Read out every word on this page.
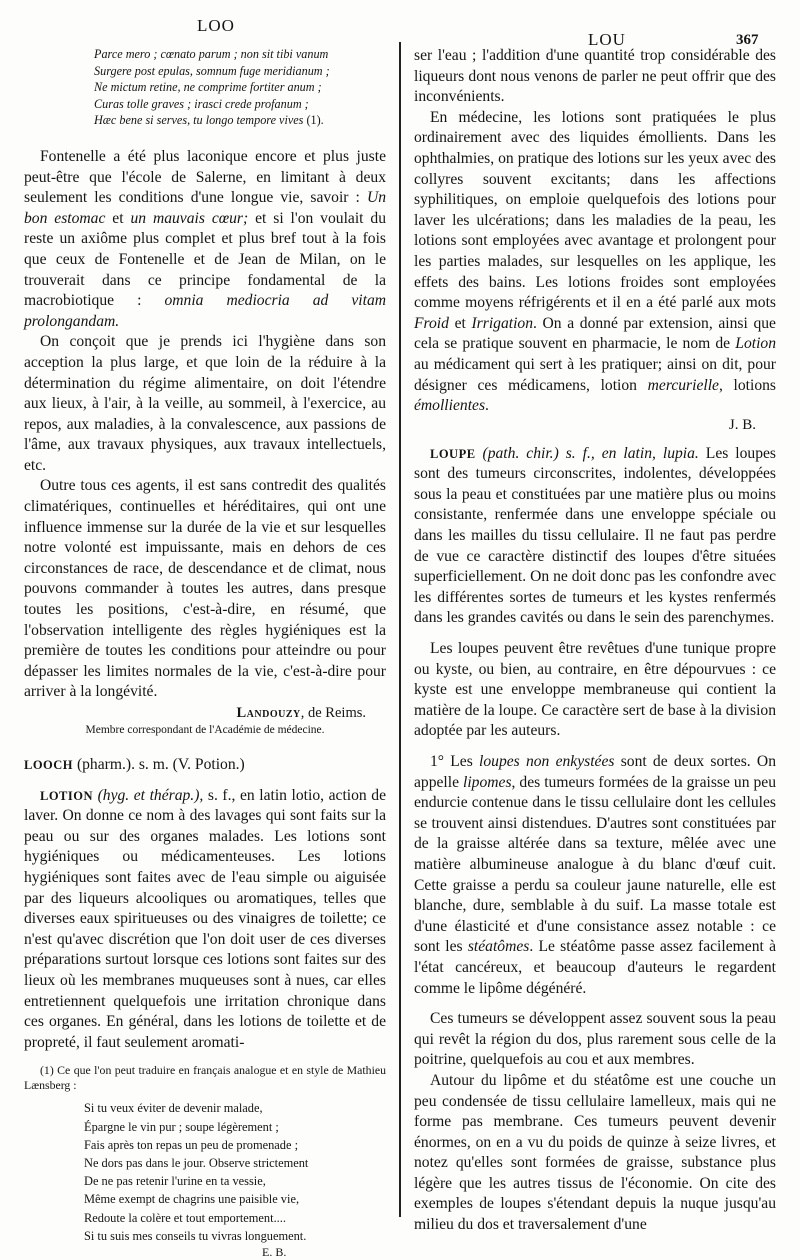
LOO
LOU	367
Parce mero ; cœnato parum ; non sit tibi vanum
Surgere post epulas, somnum fuge meridianum ;
Ne mictum retine, ne comprime fortiter anum ;
Curas tolle graves ; irasci crede profanum ;
Hæc bene si serves, tu longo tempore vives (1).

Fontenelle a été plus laconique encore et plus juste peut-être que l'école de Salerne, en limitant à deux seulement les conditions d'une longue vie, savoir : Un bon estomac et un mauvais cœur; et si l'on voulait du reste un axiôme plus complet et plus bref tout à la fois que ceux de Fontenelle et de Jean de Milan, on le trouverait dans ce principe fondamental de la macrobiotique : omnia mediocria ad vitam prolongandam.

On conçoit que je prends ici l'hygiène dans son acception la plus large, et que loin de la réduire à la détermination du régime alimentaire, on doit l'étendre aux lieux, à l'air, à la veille, au sommeil, à l'exercice, au repos, aux maladies, à la convalescence, aux passions de l'âme, aux travaux physiques, aux travaux intellectuels, etc.

Outre tous ces agents, il est sans contredit des qualités climatériques, continuelles et héréditaires, qui ont une influence immense sur la durée de la vie et sur lesquelles notre volonté est impuissante, mais en dehors de ces circonstances de race, de descendance et de climat, nous pouvons commander à toutes les autres, dans presque toutes les positions, c'est-à-dire, en résumé, que l'observation intelligente des règles hygiéniques est la première de toutes les conditions pour atteindre ou pour dépasser les limites normales de la vie, c'est-à-dire pour arriver à la longévité.

Landouzy, de Reims.
Membre correspondant de l'Académie de médecine.

LOOCH (pharm.). s. m. (V. Potion.)

LOTION (hyg. et thérap.), s. f., en latin lotio, action de laver. On donne ce nom à des lavages qui sont faits sur la peau ou sur des organes malades. Les lotions sont hygiéniques ou médicamenteuses. Les lotions hygiéniques sont faites avec de l'eau simple ou aiguisée par des liqueurs alcooliques ou aromatiques, telles que diverses eaux spiritueuses ou des vinaigres de toilette; ce n'est qu'avec discrétion que l'on doit user de ces diverses préparations surtout lorsque ces lotions sont faites sur des lieux où les membranes muqueuses sont à nues, car elles entretiennent quelquefois une irritation chronique dans ces organes. En général, dans les lotions de toilette et de propreté, il faut seulement aromati-

(1) Ce que l'on peut traduire en français analogue et en style de Mathieu Lænsberg :

Si tu veux éviter de devenir malade,
Épargne le vin pur ; soupe légèrement ;
Fais après ton repas un peu de promenade ;
Ne dors pas dans le jour. Observe strictement
De ne pas retenir l'urine en ta vessie,
Même exempt de chagrins une paisible vie,
Redoute la colère et tout emportement....
Si tu suis mes conseils tu vivras longuement.
E. B.

ser l'eau ; l'addition d'une quantité trop considérable des liqueurs dont nous venons de parler ne peut offrir que des inconvénients.

En médecine, les lotions sont pratiquées le plus ordinairement avec des liquides émollients. Dans les ophthalmies, on pratique des lotions sur les yeux avec des collyres souvent excitants; dans les affections syphilitiques, on emploie quelquefois des lotions pour laver les ulcérations; dans les maladies de la peau, les lotions sont employées avec avantage et prolongent pour les parties malades, sur lesquelles on les applique, les effets des bains. Les lotions froides sont employées comme moyens réfrigérents et il en a été parlé aux mots Froid et Irrigation. On a donné par extension, ainsi que cela se pratique souvent en pharmacie, le nom de Lotion au médicament qui sert à les pratiquer; ainsi on dit, pour désigner ces médicamens, lotion mercurielle, lotions émollientes.

J. B.

LOUPE (path. chir.) s. f., en latin, lupia. Les loupes sont des tumeurs circonscrites, indolentes, développées sous la peau et constituées par une matière plus ou moins consistante, renfermée dans une enveloppe spéciale ou dans les mailles du tissu cellulaire. Il ne faut pas perdre de vue ce caractère distinctif des loupes d'être situées superficiellement. On ne doit donc pas les confondre avec les différentes sortes de tumeurs et les kystes renfermés dans les grandes cavités ou dans le sein des parenchymes.

Les loupes peuvent être revêtues d'une tunique propre ou kyste, ou bien, au contraire, en être dépourvues : ce kyste est une enveloppe membraneuse qui contient la matière de la loupe. Ce caractère sert de base à la division adoptée par les auteurs.

1° Les loupes non enkystées sont de deux sortes. On appelle lipomes, des tumeurs formées de la graisse un peu endurcie contenue dans le tissu cellulaire dont les cellules se trouvent ainsi distendues. D'autres sont constituées par de la graisse altérée dans sa texture, mêlée avec une matière albumineuse analogue à du blanc d'œuf cuit. Cette graisse a perdu sa couleur jaune naturelle, elle est blanche, dure, semblable à du suif. La masse totale est d'une élasticité et d'une consistance assez notable : ce sont les stéatômes. Le stéatôme passe assez facilement à l'état cancéreux, et beaucoup d'auteurs le regardent comme le lipôme dégénéré.

Ces tumeurs se développent assez souvent sous la peau qui revêt la région du dos, plus rarement sous celle de la poitrine, quelquefois au cou et aux membres.

Autour du lipôme et du stéatôme est une couche un peu condensée de tissu cellulaire lamelleux, mais qui ne forme pas membrane. Ces tumeurs peuvent devenir énormes, on en a vu du poids de quinze à seize livres, et notez qu'elles sont formées de graisse, substance plus légère que les autres tissus de l'économie. On cite des exemples de loupes s'étendant depuis la nuque jusqu'au milieu du dos et traversalement d'une
